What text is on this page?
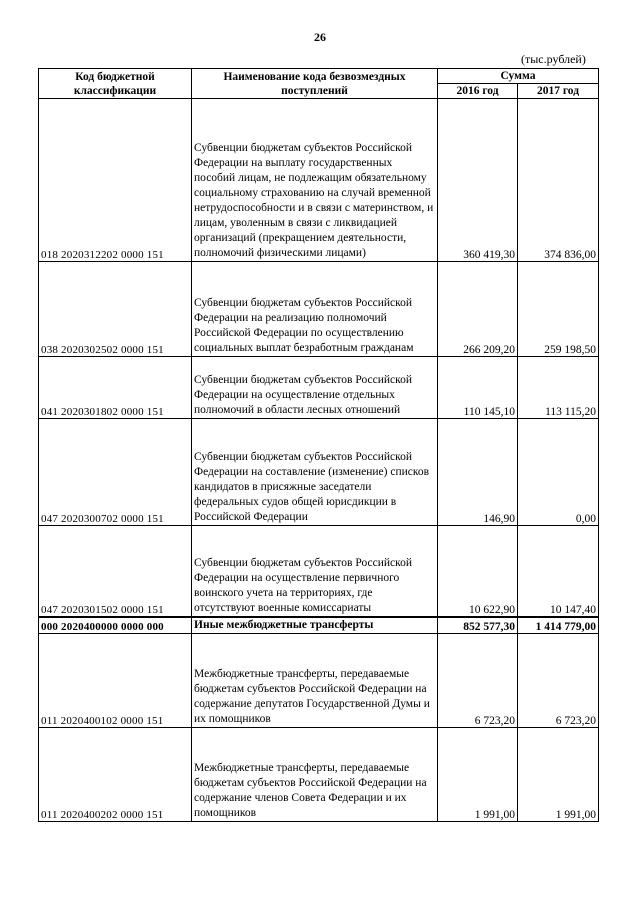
26
(тыс.рублей)
Код бюджетной классификации	Наименование кода безвозмездных поступлений	Сумма	
		2016 год	2017 год
018 2020312202 0000 151	Субвенции бюджетам субъектов Российской Федерации на выплату государственных пособий лицам, не подлежащим обязательному социальному страхованию на случай временной нетрудоспособности и в связи с материнством, и лицам, уволенным в связи с ликвидацией организаций (прекращением деятельности, полномочий физическими лицами)	360 419,30	374 836,00
038 2020302502 0000 151	Субвенции бюджетам субъектов Российской Федерации на реализацию полномочий Российской Федерации по осуществлению социальных выплат безработным гражданам	266 209,20	259 198,50
041 2020301802 0000 151	Субвенции бюджетам субъектов Российской Федерации на осуществление отдельных полномочий в области лесных отношений	110 145,10	113 115,20
047 2020300702 0000 151	Субвенции бюджетам субъектов Российской Федерации на составление (изменение) списков кандидатов в присяжные заседатели федеральных судов общей юрисдикции в Российской Федерации	146,90	0,00
047 2020301502 0000 151	Субвенции бюджетам субъектов Российской Федерации на осуществление первичного воинского учета на территориях, где отсутствуют военные комиссариаты	10 622,90	10 147,40
000 2020400000 0000 000	Иные межбюджетные трансферты	852 577,30	1 414 779,00
011 2020400102 0000 151	Межбюджетные трансферты, передаваемые бюджетам субъектов Российской Федерации на содержание депутатов Государственной Думы и их помощников	6 723,20	6 723,20
011 2020400202 0000 151	Межбюджетные трансферты, передаваемые бюджетам субъектов Российской Федерации на содержание членов Совета Федерации и их помощников	1 991,00	1 991,00
